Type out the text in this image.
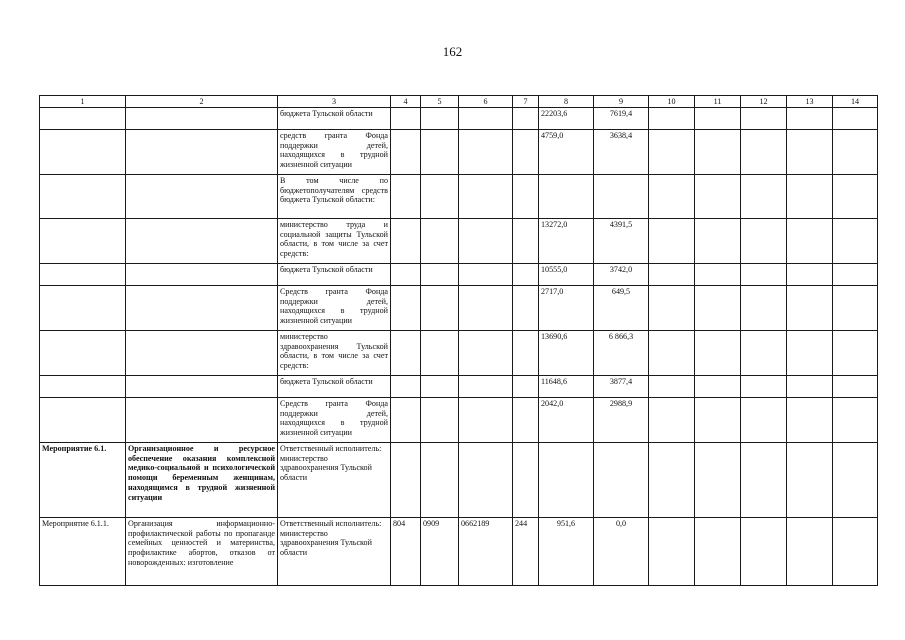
162
1	2	3	4	5	6	7	8	9	10	11	12	13	14
		бюджета Тульской области					22203,6	7619,4					
		средств гранта Фонда поддержки детей, находящихся в трудной жизненной ситуации					4759,0	3638,4					
		В том числе по бюджетополучателям средств бюджета Тульской области:											
		министерство труда и социальной защиты Тульской области, в том числе за счет средств:					13272,0	4391,5					
		бюджета Тульской области					10555,0	3742,0					
		Средств гранта Фонда поддержки детей, находящихся в трудной жизненной ситуации					2717,0	649,5					
		министерство здравоохранения Тульской области, в том числе за счет средств:					13690,6	6 866,3					
		бюджета Тульской области					11648,6	3877,4					
		Средств гранта Фонда поддержки детей, находящихся в трудной жизненной ситуации					2042,0	2988,9					
Мероприятие 6.1.	Организационное и ресурсное обеспечение оказания комплексной медико-социальной и психологической помощи беременным женщинам, находящимся в трудной жизненной ситуации	Ответственный исполнитель: министерство здравоохранения Тульской области											
Мероприятие 6.1.1.	Организация информационно-профилактической работы по пропаганде семейных ценностей и материнства, профилактике абортов, отказов от новорожденных: изготовление	Ответственный исполнитель: министерство здравоохранения Тульской области	804	0909	0662189	244	951,6	0,0					
